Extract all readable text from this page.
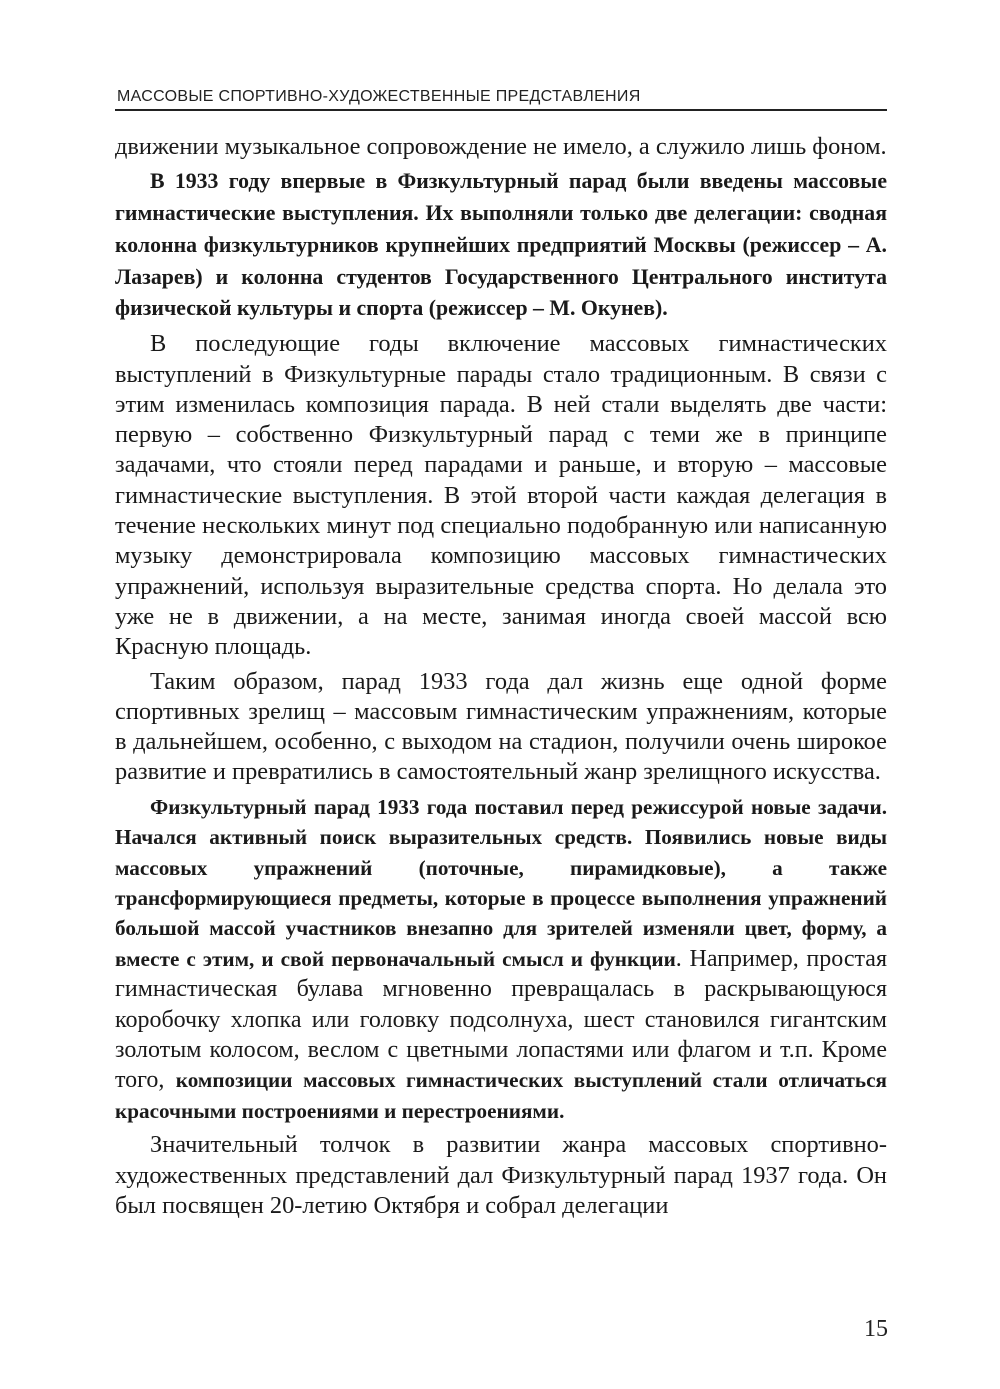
МАССОВЫЕ СПОРТИВНО-ХУДОЖЕСТВЕННЫЕ ПРЕДСТАВЛЕНИЯ

движении музыкальное сопровождение не имело, а служило лишь фоном.

В 1933 году впервые в Физкультурный парад были введены массовые гимнастические выступления. Их выполняли только две делегации: сводная колонна физкультурников крупнейших предприятий Москвы (режиссер – А. Лазарев) и колонна студентов Государственного Центрального института физической культуры и спорта (режиссер – М. Окунев).

В последующие годы включение массовых гимнастических выступлений в Физкультурные парады стало традиционным. В связи с этим изменилась композиция парада. В ней стали выделять две части: первую – собственно Физкультурный парад с теми же в принципе задачами, что стояли перед парадами и раньше, и вторую – массовые гимнастические выступления. В этой второй части каждая делегация в течение нескольких минут под специально подобранную или написанную музыку демонстрировала композицию массовых гимнастических упражнений, используя выразительные средства спорта. Но делала это уже не в движении, а на месте, занимая иногда своей массой всю Красную площадь.

Таким образом, парад 1933 года дал жизнь еще одной форме спортивных зрелищ – массовым гимнастическим упражнениям, которые в дальнейшем, особенно, с выходом на стадион, получили очень широкое развитие и превратились в самостоятельный жанр зрелищного искусства.

Физкультурный парад 1933 года поставил перед режиссурой новые задачи. Начался активный поиск выразительных средств. Появились новые виды массовых упражнений (поточные, пирамидковые), а также трансформирующиеся предметы, которые в процессе выполнения упражнений большой массой участников внезапно для зрителей изменяли цвет, форму, а вместе с этим, и свой первоначальный смысл и функции. Например, простая гимнастическая булава мгновенно превращалась в раскрывающуюся коробочку хлопка или головку подсолнуха, шест становился гигантским золотым колосом, веслом с цветными лопастями или флагом и т.п. Кроме того, композиции массовых гимнастических выступлений стали отличаться красочными построениями и перестроениями.

Значительный толчок в развитии жанра массовых спортивно-художественных представлений дал Физкультурный парад 1937 года. Он был посвящен 20-летию Октября и собрал делегации

15
